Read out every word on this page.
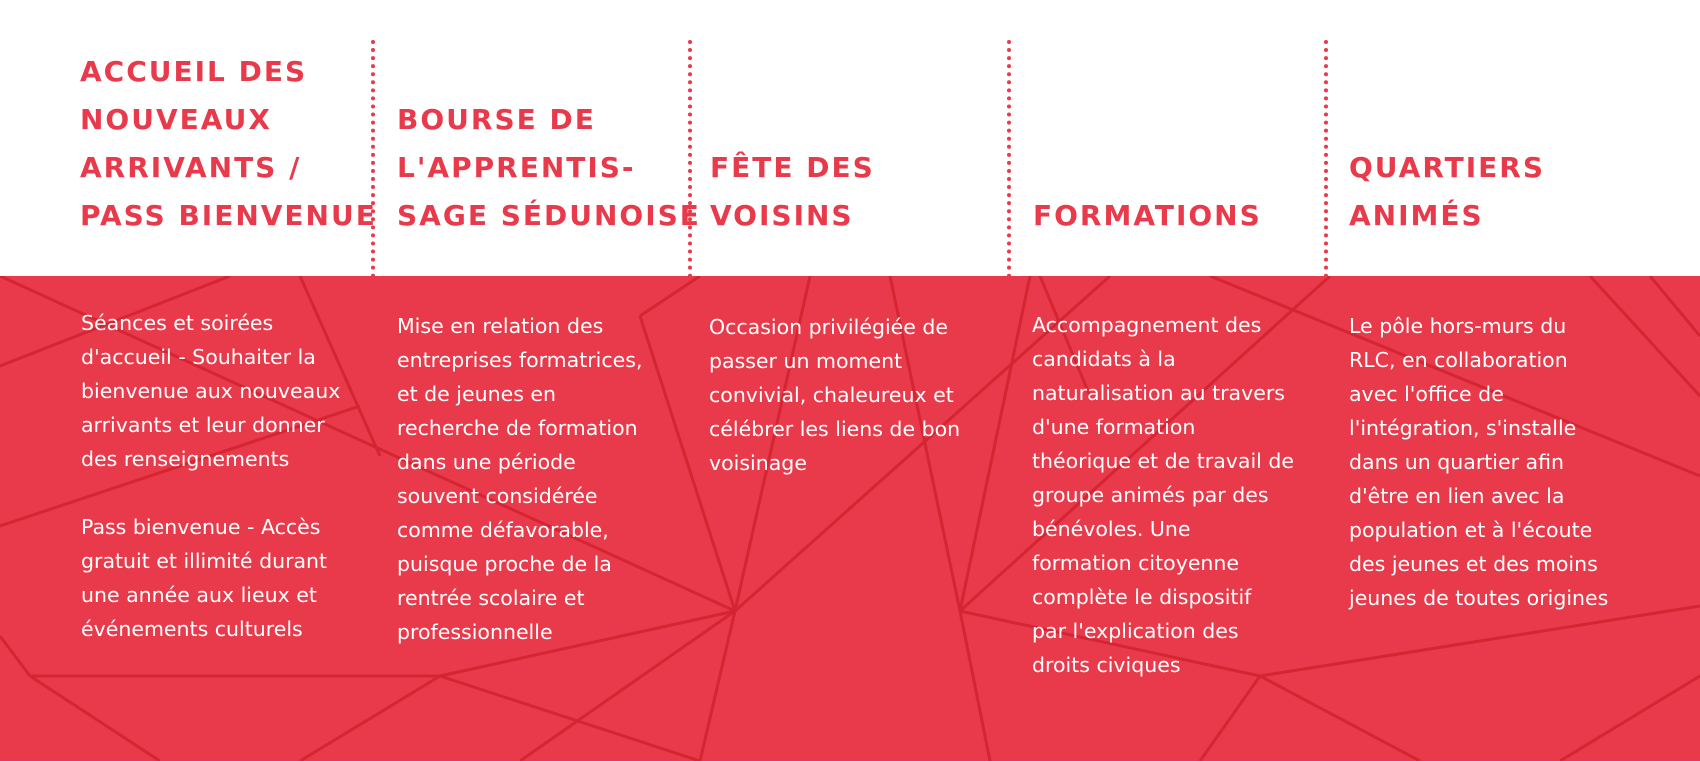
ACCUEIL DES
NOUVEAUX
ARRIVANTS /
PASS BIENVENUE
Séances et soirées
d'accueil - Souhaiter la
bienvenue aux nouveaux
arrivants et leur donner
des renseignements
Pass bienvenue - Accès
gratuit et illimité durant
une année aux lieux et
événements culturels
BOURSE DE
L'APPRENTIS-
SAGE SÉDUNOISE
Mise en relation des
entreprises formatrices,
et de jeunes en
recherche de formation
dans une période
souvent considérée
comme défavorable,
puisque proche de la
rentrée scolaire et
professionnelle
FÊTE DES
VOISINS
Occasion privilégiée de
passer un moment
convivial, chaleureux et
célébrer les liens de bon
voisinage
FORMATIONS
Accompagnement des
candidats à la
naturalisation au travers
d'une formation
théorique et de travail de
groupe animés par des
bénévoles. Une
formation citoyenne
complète le dispositif
par l'explication des
droits civiques
QUARTIERS
ANIMÉS
Le pôle hors-murs du
RLC, en collaboration
avec l'office de
l'intégration, s'installe
dans un quartier afin
d'être en lien avec la
population et à l'écoute
des jeunes et des moins
jeunes de toutes origines
